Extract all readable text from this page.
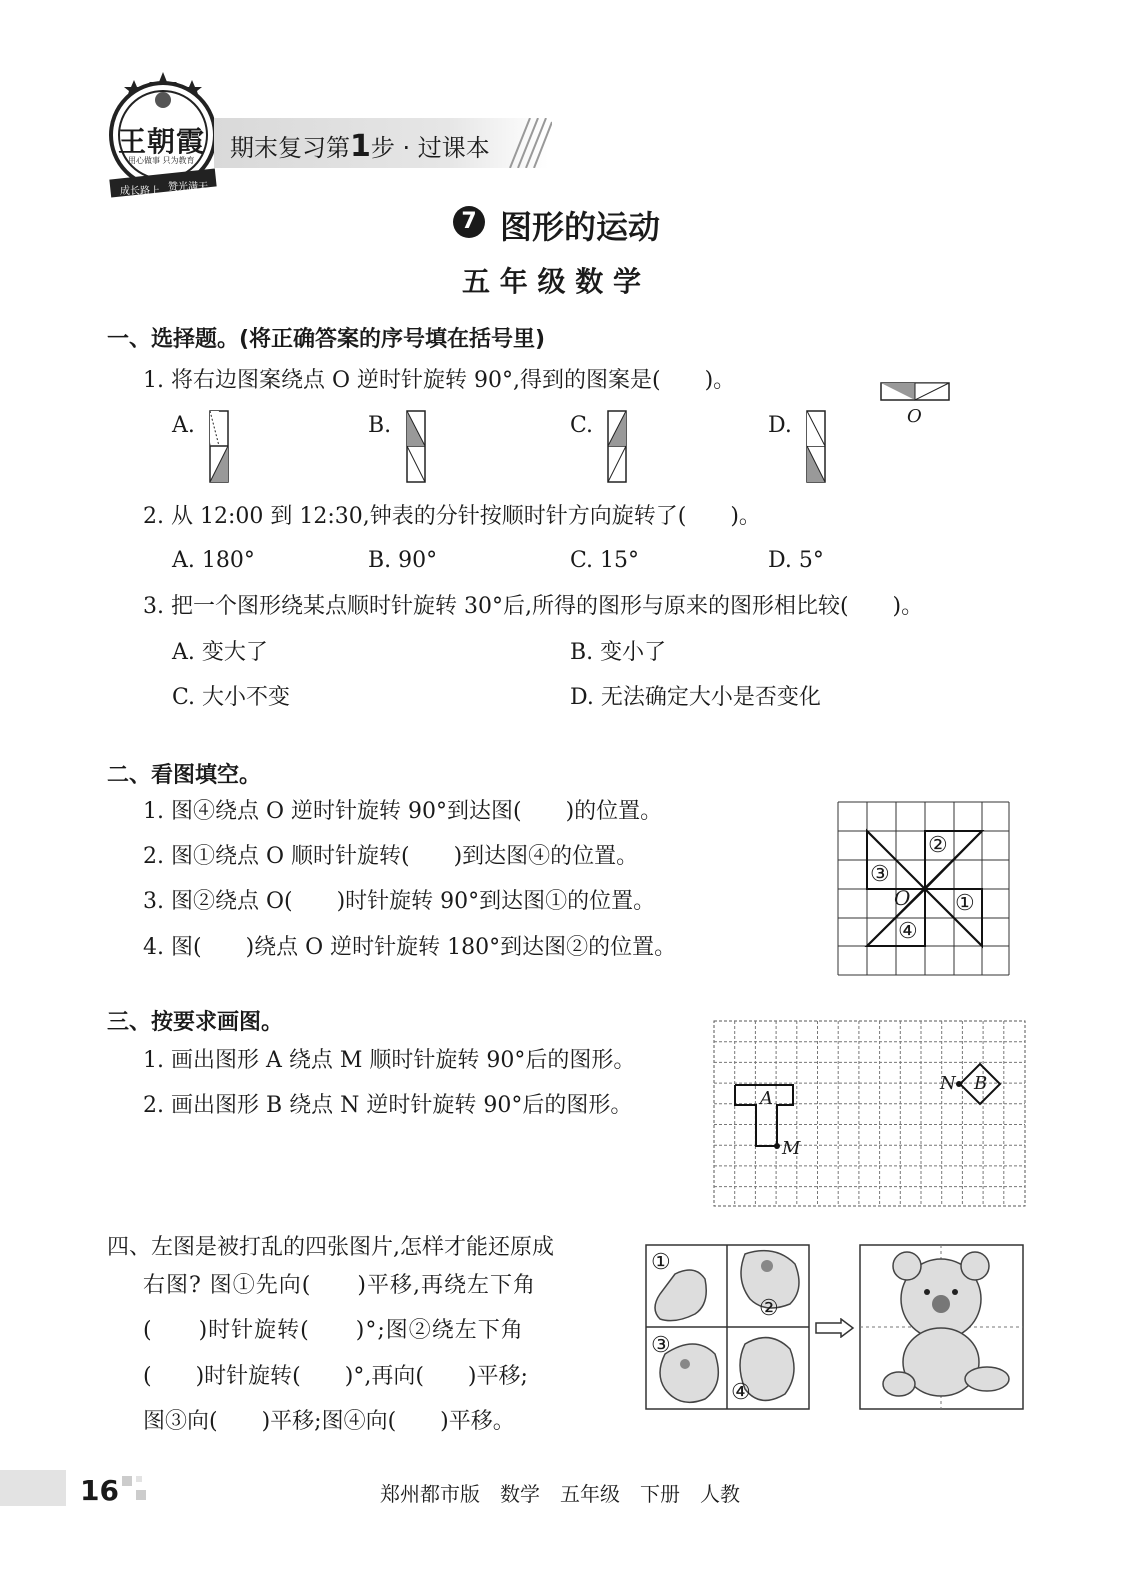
王朝霞
用心做事 只为教育
成长路上 赞光满天
期末复习第1步 · 过课本
7 图形的运动
五 年 级 数 学
一、选择题。(将正确答案的序号填在括号里)
1. 将右边图案绕点 O 逆时针旋转 90°,得到的图案是(　　)。
O
A.	B.	C.	D.
2. 从 12:00 到 12:30,钟表的分针按顺时针方向旋转了(　　)。
A. 180°	B. 90°	C. 15°	D. 5°
3. 把一个图形绕某点顺时针旋转 30°后,所得的图形与原来的图形相比较(　　)。
A. 变大了	B. 变小了
C. 大小不变	D. 无法确定大小是否变化
二、看图填空。
1. 图④绕点 O 逆时针旋转 90°到达图(　　)的位置。
2. 图①绕点 O 顺时针旋转(　　)到达图④的位置。
3. 图②绕点 O(　　)时针旋转 90°到达图①的位置。
4. 图(　　)绕点 O 逆时针旋转 180°到达图②的位置。
①
②
③
④
O
三、按要求画图。
1. 画出图形 A 绕点 M 顺时针旋转 90°后的图形。
2. 画出图形 B 绕点 N 逆时针旋转 90°后的图形。	A
M
N B
四、左图是被打乱的四张图片,怎样才能还原成
右图? 图①先向(　　)平移,再绕左下角
(　　)时针旋转(　　)°;图②绕左下角
(　　)时针旋转(　　)°,再向(　　)平移;
图③向(　　)平移;图④向(　　)平移。
①
②
③
④
16	郑州都市版　数学　五年级　下册　人教
